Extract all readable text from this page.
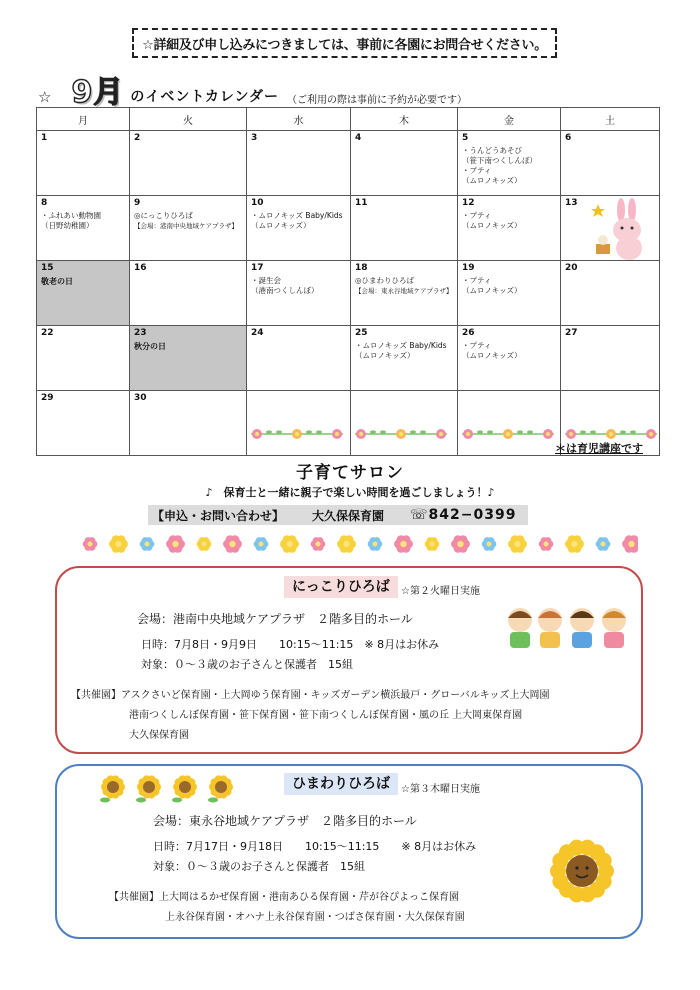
☆詳細及び申し込みにつきましては、事前に各園にお問合せください。
☆ 9月 のイベントカレンダー （ご利用の際は事前に予約が必要です）
月	火	水	木	金	土

1	2	3	4	5
・うんどうあそび
（笹下南つくしんぼ）
・プティ
（ムロノキッズ）	6

8
・ふれあい動物園
（日野幼稚園）	9
◎にっこりひろば
【会場：港南中央地域ケアプラザ】	10
・ムロノキッズ Baby/Kids
（ムロノキッズ）	11	12
・プティ
（ムロノキッズ）	13

15
敬老の日	16	17
・誕生会
（港南つくしんぼ）	18
◎ひまわりひろば
【会場：東永谷地域ケアプラザ】	19
・プティ
（ムロノキッズ）	20

22	23
秋分の日	24	25
・ムロノキッズ Baby/Kids
（ムロノキッズ）	26
・プティ
（ムロノキッズ）	27

29	30

＊は育児講座です
子育てサロン
♪　保育士と一緒に親子で楽しい時間を過ごしましょう！♪
【申込・お問い合わせ】 大久保保育園 ☏842−0399
にっこりひろば	☆第２火曜日実施
会場：港南中央地域ケアプラザ　２階多目的ホール
日時：7月8日・9月9日　　10:15～11:15　※ 8月はお休み
対象：０～３歳のお子さんと保護者　15組
【共催園】アスクさいど保育園・上大岡ゆう保育園・キッズガーデン横浜最戸・グローバルキッズ上大岡園
港南つくしんぼ保育園・笹下保育園・笹下南つくしんぼ保育園・風の丘 上大岡東保育園
大久保保育園
ひまわりひろば	☆第３木曜日実施
会場：東永谷地域ケアプラザ　２階多目的ホール
日時：7月17日・9月18日　　10:15～11:15　　※ 8月はお休み
対象：０～３歳のお子さんと保護者　15組
【共催園】上大岡はるかぜ保育園・港南あひる保育園・芹が谷ぴよっこ保育園
上永谷保育園・オハナ上永谷保育園・つばさ保育園・大久保保育園
